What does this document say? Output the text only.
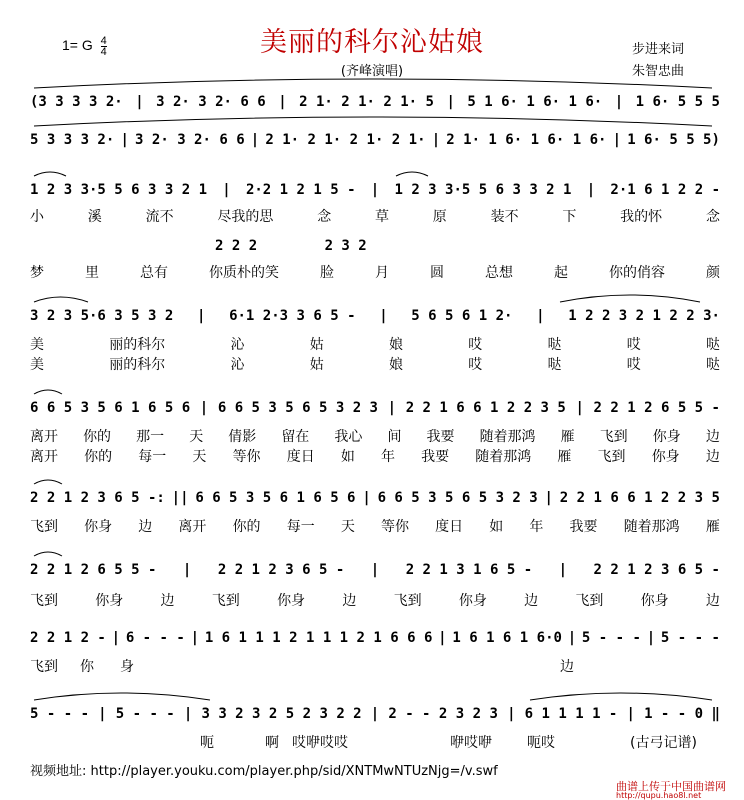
1= G $\frac{4}{4}$	美丽的科尔沁姑娘
(齐峰演唱)
步进来词
朱智忠曲
(3 3 3 3 2· | 3 2· 3 2· 6 6 | 2 1· 2 1· 2 1· 5 | 5 1 6· 1 6· 1 6· | 1 6· 5 5 5
5 3 3 3 2· | 3 2· 3 2· 6 6 | 2 1· 2 1· 2 1· 2 1· | 2 1· 1 6· 1 6· 1 6· | 1 6· 5 5 5)
1 2 3 3·5 5 6 3 3 2 1 | 2·2 1 2 1 5 - | 1 2 3 3·5 5 6 3 3 2 1 | 2·1 6 1 2 2 -
小	溪	流不	尽我的思	念	草	原	装不	下	我的怀	念
2 2 2        2 3 2
梦	里	总有	你质朴的笑	脸	月	圆	总想	起	你的俏容	颜
3 2 3 5·6 3 5 3 2 | 6·1 2·3 3 6 5 - | 5 6 5 6 1 2· | 1 2 2 3 2 1 2 2 3·
美	丽的科尔	沁	姑	娘	哎	哒	哎	哒
美	丽的科尔	沁	姑	娘	哎	哒	哎	哒
6 6 5 3 5 6 1 6 5 6 | 6 6 5 3 5 6 5 3 2 3 | 2 2 1 6 6 1 2 2 3 5 | 2 2 1 2 6 5 5 -
离开 你的 那一 天 倩影 留在 我心 间 我要 随着那鸿 雁 飞到 你身 边
离开 你的 每一 天 等你 度日 如 年 我要 随着那鸿 雁 飞到 你身 边
2 2 1 2 3 6 5 -: || 6 6 5 3 5 6 1 6 5 6 | 6 6 5 3 5 6 5 3 2 3 | 2 2 1 6 6 1 2 2 3 5
飞到 你身 边 离开 你的 每一 天 等你 度日 如 年 我要 随着那鸿 雁
2 2 1 2 6 5 5 - | 2 2 1 2 3 6 5 - | 2 2 1 3 1 6 5 - | 2 2 1 2 3 6 5 -
飞到	你身	边	飞到	你身	边	飞到	你身	边	飞到	你身	边
2 2 1 2 - | 6 - - - | 1 6 1 1 1 2 1 1 1 2 1 6 6 6 | 1 6 1 6 1 6·0 | 5 - - - | 5 - - -
飞到 你 身	边
5 - - - | 5 - - - | 3 3 2 3 2 5 2 3 2 2 | 2 - - 2 3 2 3 | 6 1 1 1 1 - | 1 - - 0 ‖
呃	啊 哎咿哎哎	咿哎咿	呃哎	(古弓记谱)
视频地址: http://player.youku.com/player.php/sid/XNTMwNTUzNjg=/v.swf
曲谱上传于中国曲谱网
http://qupu.hao8l.net
